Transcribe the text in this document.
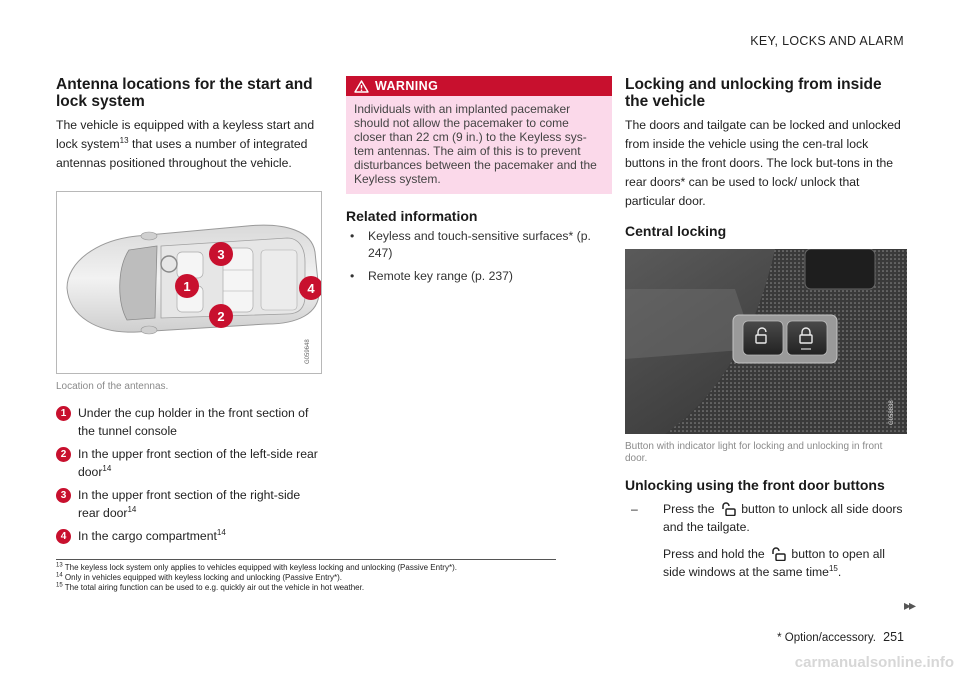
KEY, LOCKS AND ALARM
Antenna locations for the start and lock system

The vehicle is equipped with a keyless start and lock system$^{13}$ that uses a number of integrated antennas positioned throughout the vehicle.

1
2
3
4
G059648
Location of the antennas.
1 Under the cup holder in the front section of the tunnel console
2 In the upper front section of the left-side rear door$^{14}$
3 In the upper front section of the right-side rear door$^{14}$
4 In the cargo compartment$^{14}$
WARNING
Individuals with an implanted pacemaker should not allow the pacemaker to come closer than 22 cm (9 in.) to the Keyless sys-tem antennas. The aim of this is to prevent disturbances between the pacemaker and the Keyless system.
Related information
• Keyless and touch-sensitive surfaces* (p. 247)
• Remote key range (p. 237)
Locking and unlocking from inside the vehicle

The doors and tailgate can be locked and unlocked from inside the vehicle using the cen-tral lock buttons in the front doors. The lock but-tons in the rear doors* can be used to lock/ unlock that particular door.

Central locking
G058838
Button with indicator light for locking and unlocking in front door.
Unlocking using the front door buttons
– Press the button to unlock all side doors and the tailgate.
Press and hold the button to open all side windows at the same time$^{15}$.
$^{13}$ The keyless lock system only applies to vehicles equipped with keyless locking and unlocking (Passive Entry*).
$^{14}$ Only in vehicles equipped with keyless locking and unlocking (Passive Entry*).
$^{15}$ The total airing function can be used to e.g. quickly air out the vehicle in hot weather.
▸▸
* Option/accessory. 251
carmanualsonline.info
